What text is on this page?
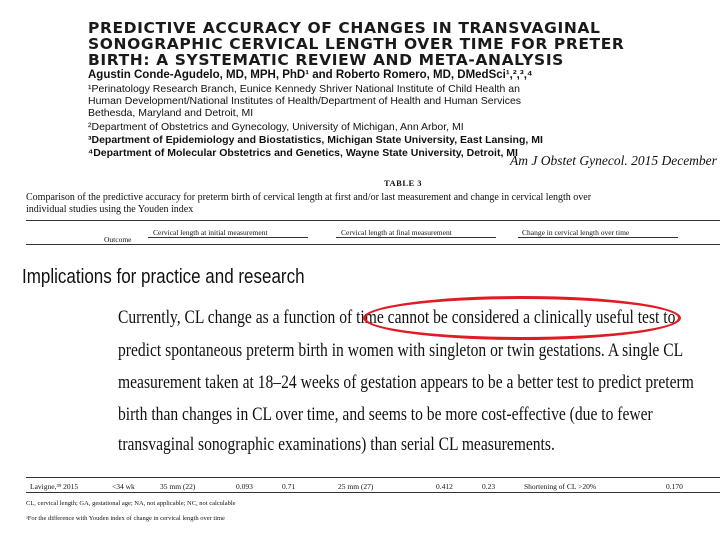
PREDICTIVE ACCURACY OF CHANGES IN TRANSVAGINAL
SONOGRAPHIC CERVICAL LENGTH OVER TIME FOR PRETER
BIRTH: A SYSTEMATIC REVIEW AND META-ANALYSIS
Agustin Conde-Agudelo, MD, MPH, PhD¹ and Roberto Romero, MD, DMedSci¹,²,³,⁴
¹Perinatology Research Branch, Eunice Kennedy Shriver National Institute of Child Health an
Human Development/National Institutes of Health/Department of Health and Human Services
Bethesda, Maryland and Detroit, MI
²Department of Obstetrics and Gynecology, University of Michigan, Ann Arbor, MI
³Department of Epidemiology and Biostatistics, Michigan State University, East Lansing, MI
⁴Department of Molecular Obstetrics and Genetics, Wayne State University, Detroit, MI
Am J Obstet Gynecol. 2015 December
TABLE 3
Comparison of the predictive accuracy for preterm birth of cervical length at first and/or last measurement and change in cervical length over
individual studies using the Youden index
Outcome
Cervical length at initial measurement	Cervical length at final measurement	Change in cervical length over time
Implications for practice and research
Currently, CL change as a function of time cannot be considered a clinically useful test to
predict spontaneous preterm birth in women with singleton or twin gestations. A single CL
measurement taken at 18–24 weeks of gestation appears to be a better test to predict preterm
birth than changes in CL over time, and seems to be more cost-effective (due to fewer
transvaginal sonographic examinations) than serial CL measurements.
Lavigne,³⁹ 2015	<34 wk	35 mm (22)	0.093	0.71	25 mm (27)	0.412	0.23	Shortening of CL >20%	0.170
CL, cervical length; GA, gestational age; NA, not applicable; NC, not calculable
ᵃFor the difference with Youden index of change in cervical length over time
